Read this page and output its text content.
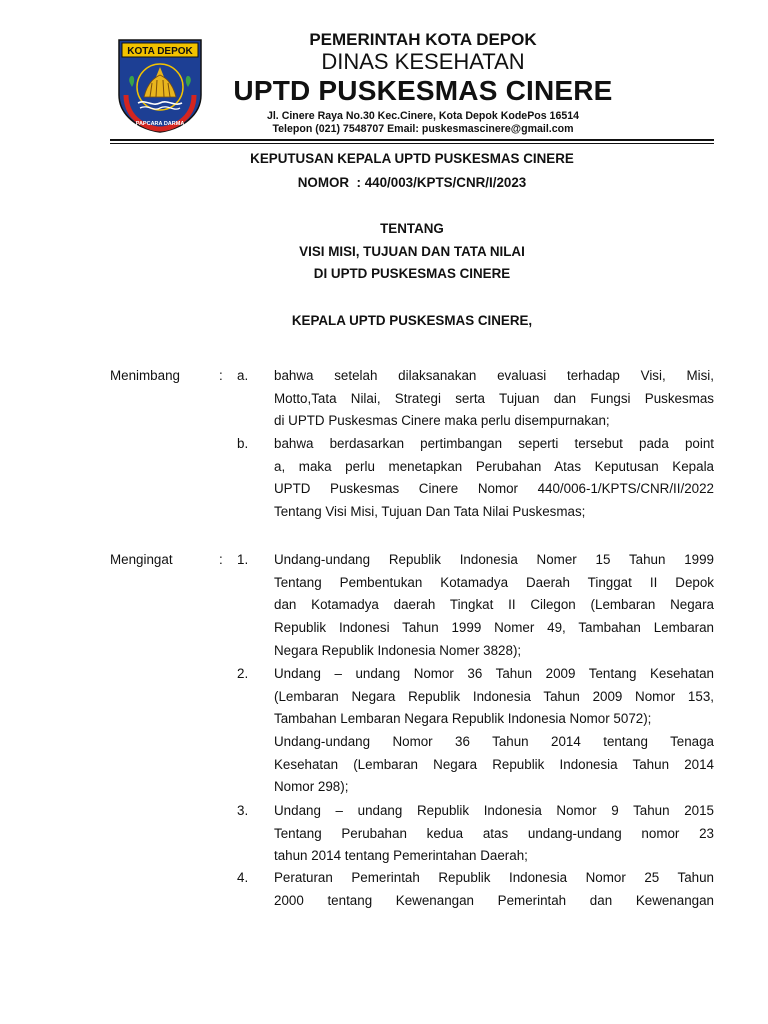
KOTA DEPOK
PAPCARA DARMA
PEMERINTAH KOTA DEPOK
DINAS KESEHATAN
UPTD PUSKESMAS CINERE
Jl. Cinere Raya No.30 Kec.Cinere, Kota Depok KodePos 16514
Telepon (021) 7548707 Email: puskesmascinere@gmail.com
KEPUTUSAN KEPALA UPTD PUSKESMAS CINERE
NOMOR  : 440/003/KPTS/CNR/I/2023
TENTANG
VISI MISI, TUJUAN DAN TATA NILAI
DI UPTD PUSKESMAS CINERE
KEPALA UPTD PUSKESMAS CINERE,
Menimbang	: a. bahwa setelah dilaksanakan evaluasi terhadap Visi, Misi,
Motto,Tata Nilai, Strategi serta Tujuan dan Fungsi Puskesmas
di UPTD Puskesmas Cinere maka perlu disempurnakan;
b. bahwa berdasarkan pertimbangan seperti tersebut pada point
a, maka perlu menetapkan Perubahan Atas Keputusan Kepala
UPTD Puskesmas Cinere Nomor 440/006-1/KPTS/CNR/II/2022
Tentang Visi Misi, Tujuan Dan Tata Nilai Puskesmas;
Mengingat	: 1. Undang-undang Republik Indonesia Nomer 15 Tahun 1999
Tentang Pembentukan Kotamadya Daerah Tinggat II Depok
dan Kotamadya daerah Tingkat II Cilegon (Lembaran Negara
Republik Indonesi Tahun 1999 Nomer 49, Tambahan Lembaran
Negara Republik Indonesia Nomer 3828);
2. Undang – undang Nomor 36 Tahun 2009 Tentang Kesehatan
(Lembaran Negara Republik Indonesia Tahun 2009 Nomor 153,
Tambahan Lembaran Negara Republik Indonesia Nomor 5072);
Undang-undang Nomor 36 Tahun 2014 tentang Tenaga
Kesehatan (Lembaran Negara Republik Indonesia Tahun 2014
Nomor 298);
3. Undang – undang Republik Indonesia Nomor 9 Tahun 2015
Tentang Perubahan kedua atas undang-undang nomor 23
tahun 2014 tentang Pemerintahan Daerah;
4. Peraturan Pemerintah Republik Indonesia Nomor 25 Tahun
2000 tentang Kewenangan Pemerintah dan Kewenangan
